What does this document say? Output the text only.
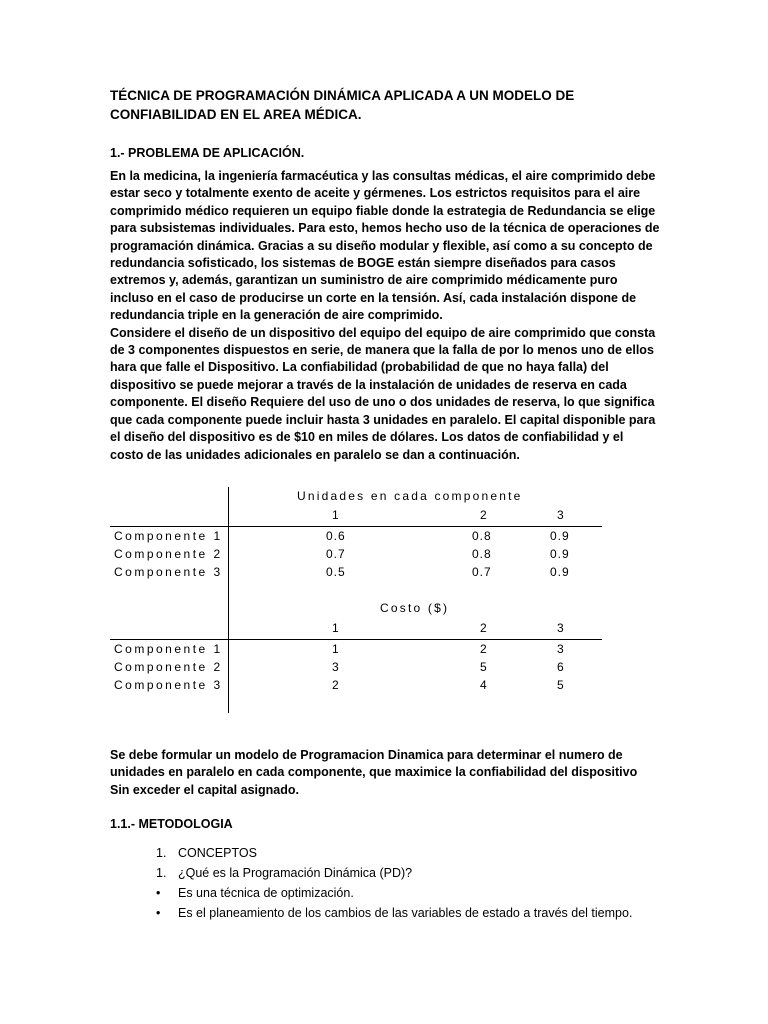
TÉCNICA DE PROGRAMACIÓN DINÁMICA APLICADA A UN MODELO DE CONFIABILIDAD EN EL AREA MÉDICA.
1.- PROBLEMA DE APLICACIÓN.

En la medicina, la ingeniería farmacéutica y las consultas médicas, el aire comprimido debe estar seco y totalmente exento de aceite y gérmenes. Los estrictos requisitos para el aire comprimido médico requieren un equipo fiable donde la estrategia de Redundancia se elige para subsistemas individuales. Para esto, hemos hecho uso de la técnica de operaciones de programación dinámica. Gracias a su diseño modular y flexible, así como a su concepto de redundancia sofisticado, los sistemas de BOGE están siempre diseñados para casos extremos y, además, garantizan un suministro de aire comprimido médicamente puro incluso en el caso de producirse un corte en la tensión. Así, cada instalación dispone de redundancia triple en la generación de aire comprimido.

Considere el diseño de un dispositivo del equipo del equipo de aire comprimido que consta de 3 componentes dispuestos en serie, de manera que la falla de por lo menos uno de ellos hara que falle el Dispositivo. La confiabilidad (probabilidad de que no haya falla) del dispositivo se puede mejorar a través de la instalación de unidades de reserva en cada componente. El diseño Requiere del uso de uno o dos unidades de reserva, lo que significa que cada componente puede incluir hasta 3 unidades en paralelo. El capital disponible para el diseño del dispositivo es de $10 en miles de dólares. Los datos de confiabilidad y el costo de las unidades adicionales en paralelo se dan a continuación.

Unidades en cada componente
1	2	3
Componente 1	0.6	0.8	0.9
Componente 2	0.7	0.8	0.9
Componente 3	0.5	0.7	0.9
Costo ($)
1	2	3
Componente 1	1	2	3
Componente 2	3	5	6
Componente 3	2	4	5

Se debe formular un modelo de Programacion Dinamica para determinar el numero de unidades en paralelo en cada componente, que maximice la confiabilidad del dispositivo Sin exceder el capital asignado.

1.1.- METODOLOGIA
1. CONCEPTOS
1. ¿Qué es la Programación Dinámica (PD)?
•	Es una técnica de optimización.
•	Es el planeamiento de los cambios de las variables de estado a través del tiempo.
